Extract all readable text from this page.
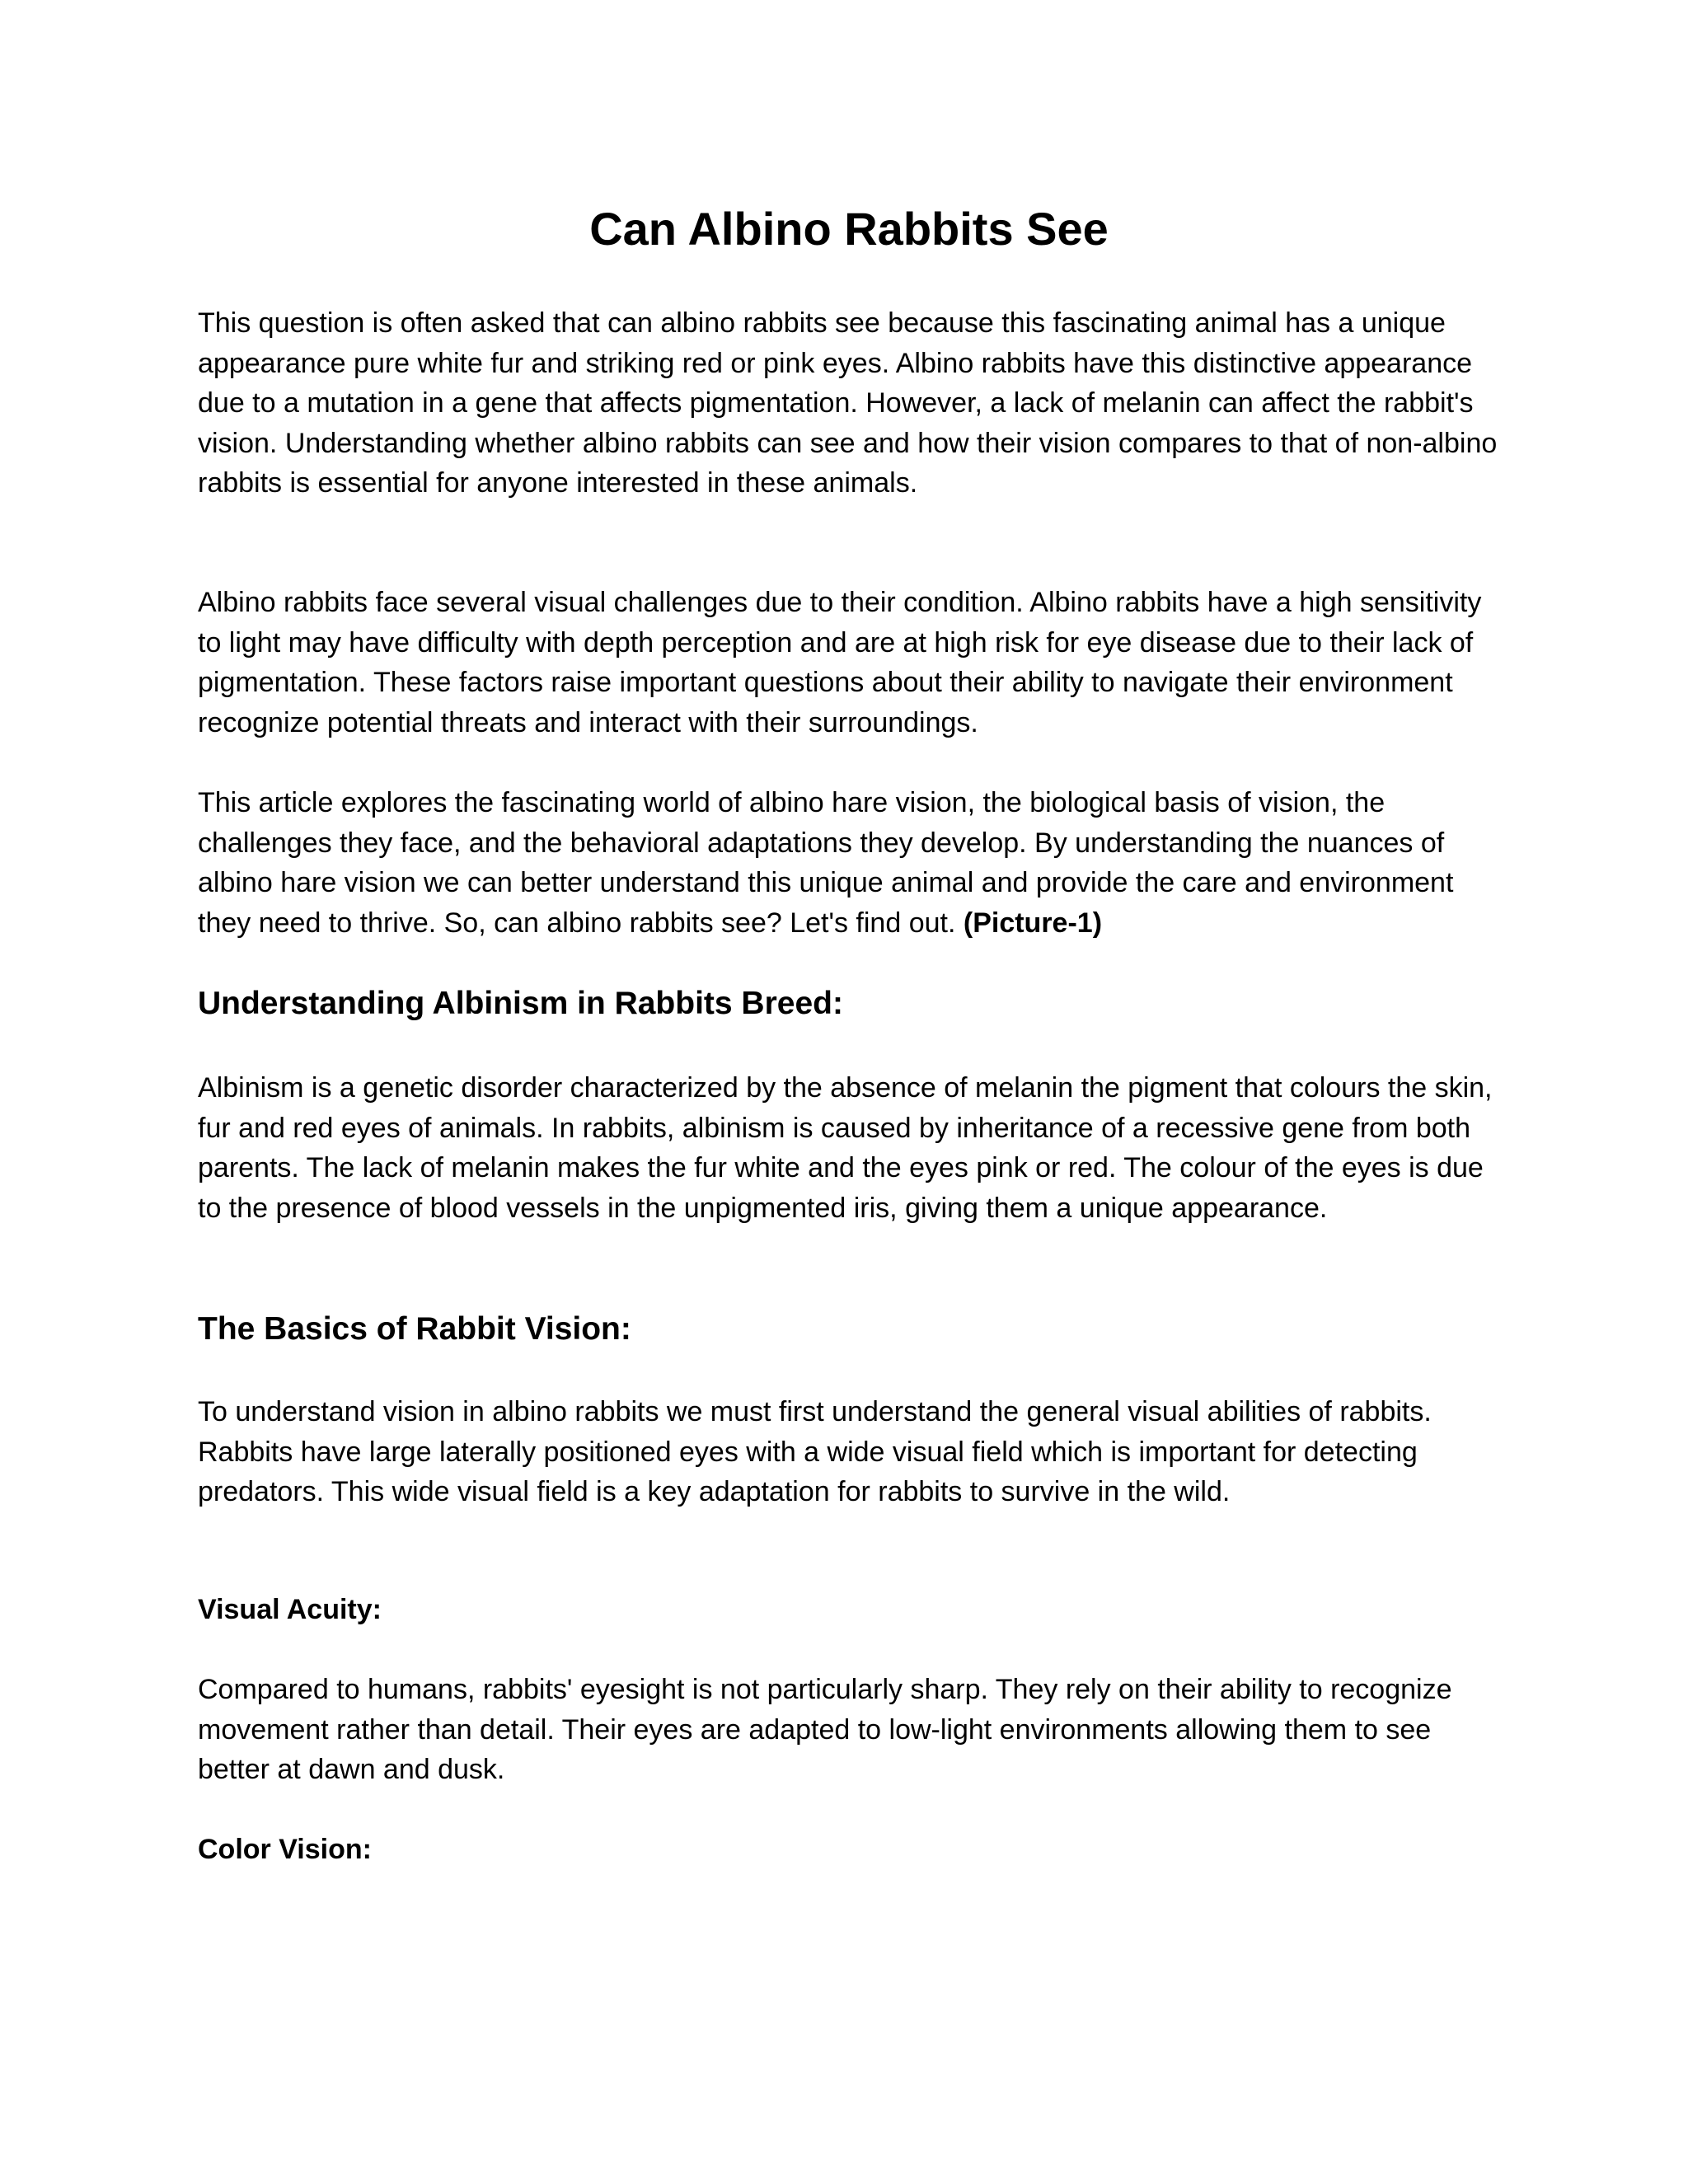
Can Albino Rabbits See

This question is often asked that can albino rabbits see because this fascinating animal has a unique appearance pure white fur and striking red or pink eyes. Albino rabbits have this distinctive appearance due to a mutation in a gene that affects pigmentation. However, a lack of melanin can affect the rabbit's vision. Understanding whether albino rabbits can see and how their vision compares to that of non-albino rabbits is essential for anyone interested in these animals.

Albino rabbits face several visual challenges due to their condition. Albino rabbits have a high sensitivity to light may have difficulty with depth perception and are at high risk for eye disease due to their lack of pigmentation. These factors raise important questions about their ability to navigate their environment recognize potential threats and interact with their surroundings.

This article explores the fascinating world of albino hare vision, the biological basis of vision, the challenges they face, and the behavioral adaptations they develop. By understanding the nuances of albino hare vision we can better understand this unique animal and provide the care and environment they need to thrive. So, can albino rabbits see? Let's find out. (Picture-1)

Understanding Albinism in Rabbits Breed:

Albinism is a genetic disorder characterized by the absence of melanin the pigment that colours the skin, fur and red eyes of animals. In rabbits, albinism is caused by inheritance of a recessive gene from both parents. The lack of melanin makes the fur white and the eyes pink or red. The colour of the eyes is due to the presence of blood vessels in the unpigmented iris, giving them a unique appearance.

The Basics of Rabbit Vision:

To understand vision in albino rabbits we must first understand the general visual abilities of rabbits. Rabbits have large laterally positioned eyes with a wide visual field which is important for detecting predators. This wide visual field is a key adaptation for rabbits to survive in the wild.

Visual Acuity:

Compared to humans, rabbits' eyesight is not particularly sharp. They rely on their ability to recognize movement rather than detail. Their eyes are adapted to low-light environments allowing them to see better at dawn and dusk.

Color Vision:
